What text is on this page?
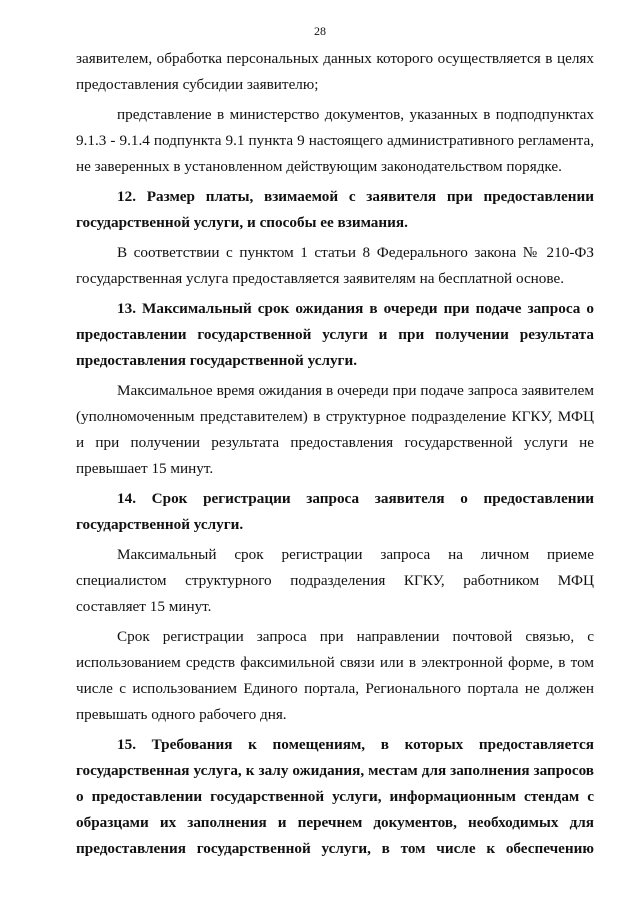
28

заявителем, обработка персональных данных которого осуществляется в целях
предоставления субсидии заявителю;

представление в министерство документов, указанных в подподпунктах
9.1.3 - 9.1.4 подпункта 9.1 пункта 9 настоящего административного регламента,
не заверенных в установленном действующим законодательством порядке.

12. Размер платы, взимаемой с заявителя при предоставлении
государственной услуги, и способы ее взимания.

В соответствии с пунктом 1 статьи 8 Федерального закона № 210-ФЗ
государственная услуга предоставляется заявителям на бесплатной основе.

13. Максимальный срок ожидания в очереди при подаче запроса о
предоставлении государственной услуги и при получении результата
предоставления государственной услуги.

Максимальное время ожидания в очереди при подаче запроса заявителем
(уполномоченным представителем) в структурное подразделение КГКУ, МФЦ
и при получении результата предоставления государственной услуги не
превышает 15 минут.

14. Срок регистрации запроса заявителя о предоставлении
государственной услуги.

Максимальный срок регистрации запроса на личном приеме
специалистом структурного подразделения КГКУ, работником МФЦ
составляет 15 минут.

Срок регистрации запроса при направлении почтовой связью, с
использованием средств факсимильной связи или в электронной форме, в том
числе с использованием Единого портала, Регионального портала не должен
превышать одного рабочего дня.

15. Требования к помещениям, в которых предоставляется
государственная услуга, к залу ожидания, местам для заполнения запросов
о предоставлении государственной услуги, информационным стендам с
образцами их заполнения и перечнем документов, необходимых для
предоставления государственной услуги, в том числе к обеспечению
